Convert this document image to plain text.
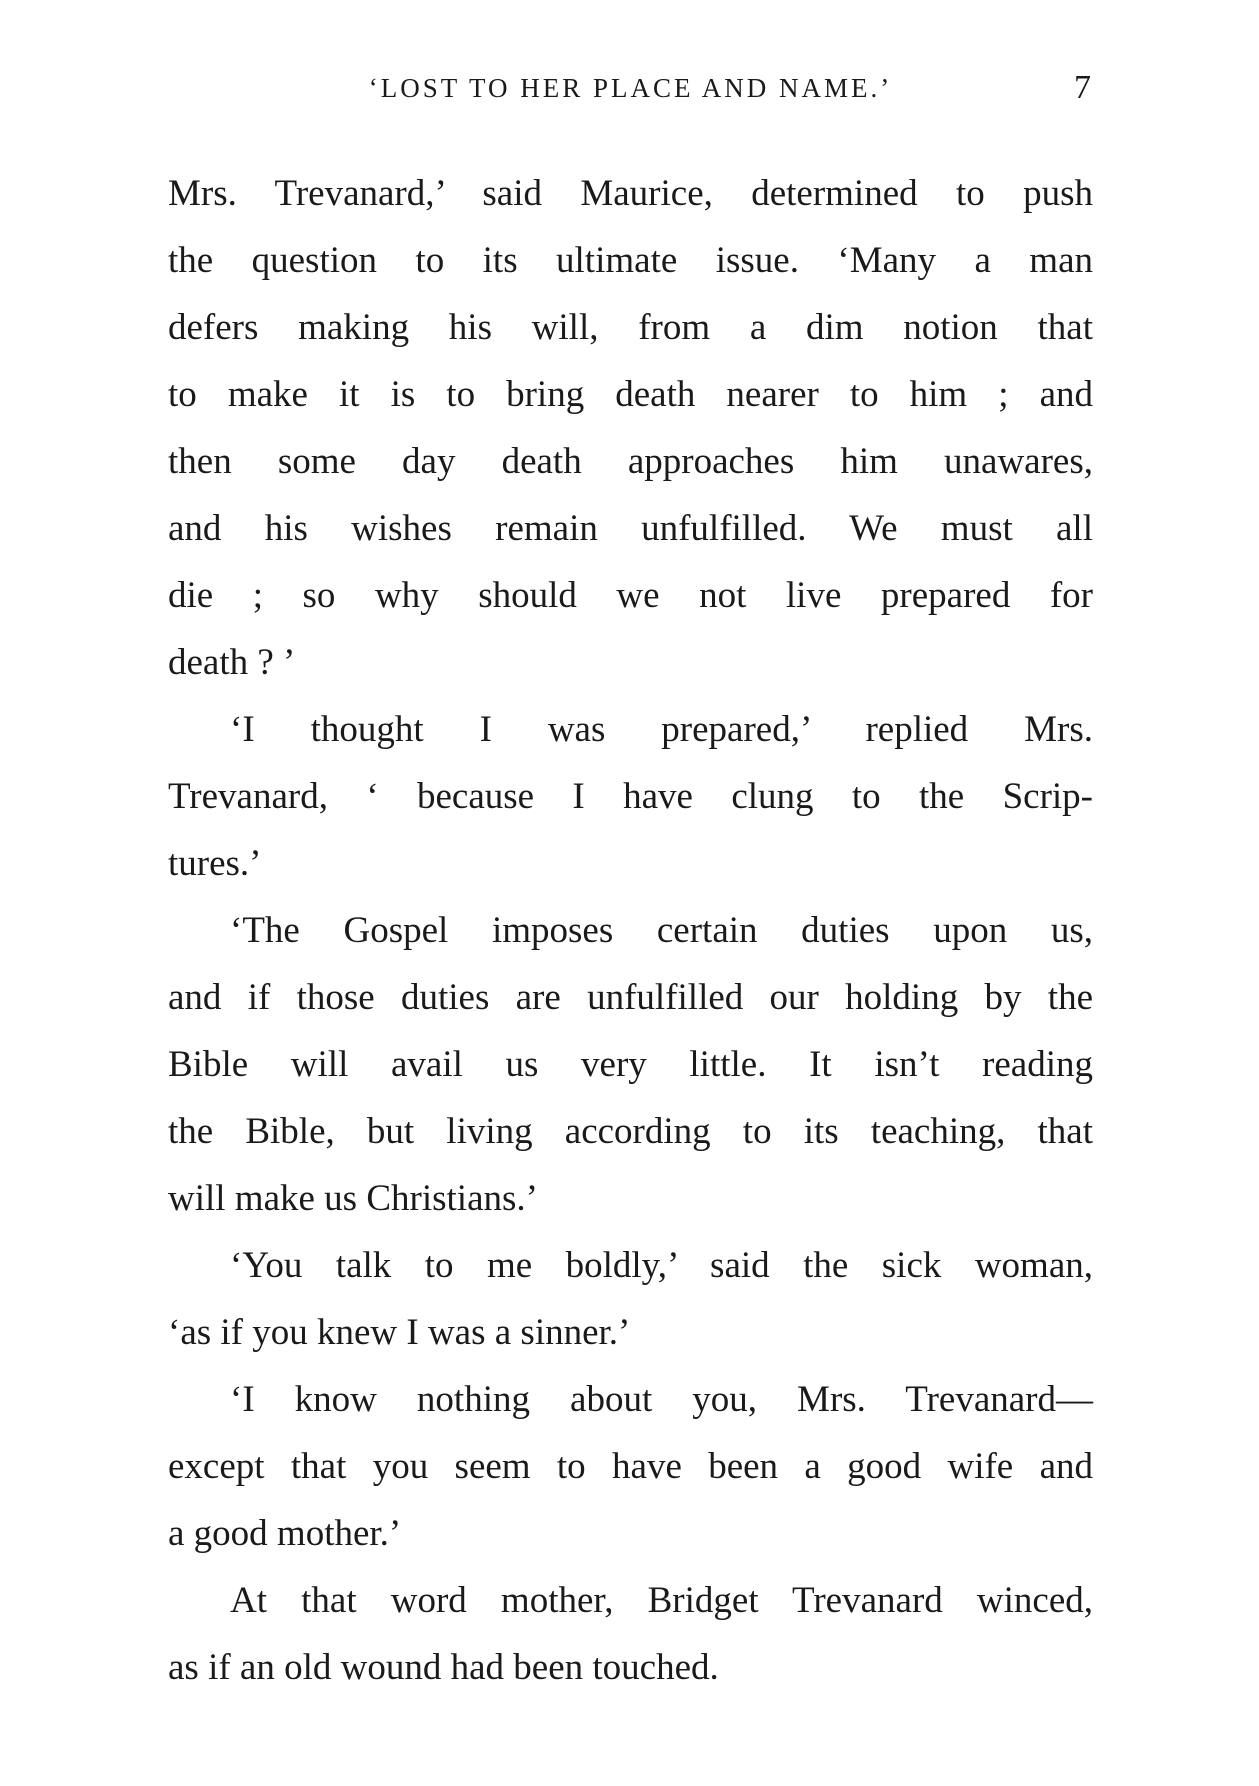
‘LOST TO HER PLACE AND NAME.’	7

Mrs. Trevanard,’ said Maurice, determined to push
the question to its ultimate issue. ‘Many a man
defers making his will, from a dim notion that
to make it is to bring death nearer to him ; and
then some day death approaches him unawares,
and his wishes remain unfulfilled. We must all
die ; so why should we not live prepared for
death ? ’

‘I thought I was prepared,’ replied Mrs.
Trevanard, ‘ because I have clung to the Scrip-
tures.’

‘The Gospel imposes certain duties upon us,
and if those duties are unfulfilled our holding by the
Bible will avail us very little. It isn’t reading
the Bible, but living according to its teaching, that
will make us Christians.’

‘You talk to me boldly,’ said the sick woman,
‘as if you knew I was a sinner.’

‘I know nothing about you, Mrs. Trevanard—
except that you seem to have been a good wife and
a good mother.’

At that word mother, Bridget Trevanard winced,
as if an old wound had been touched.
